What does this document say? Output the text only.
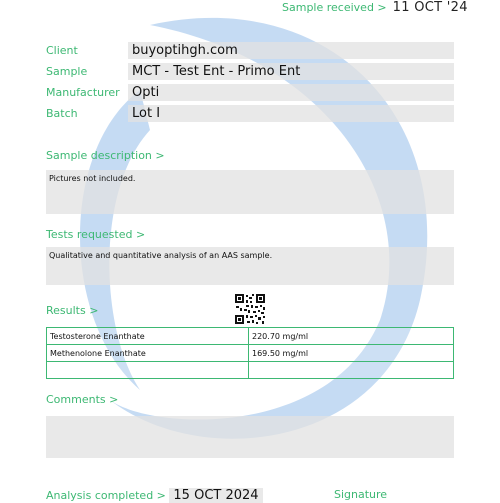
Sample received > 11 OCT '24
Client	buyoptihgh.com
Sample	MCT - Test Ent - Primo Ent
Manufacturer Opti
Batch	Lot I
Sample description >
Pictures not included.
Tests requested >
Qualitative and quantitative analysis of an AAS sample.
Results >
Testosterone Enanthate	220.70 mg/ml
Methenolone Enanthate	169.50 mg/ml

Comments >
Analysis completed > 15 OCT 2024	Signature
